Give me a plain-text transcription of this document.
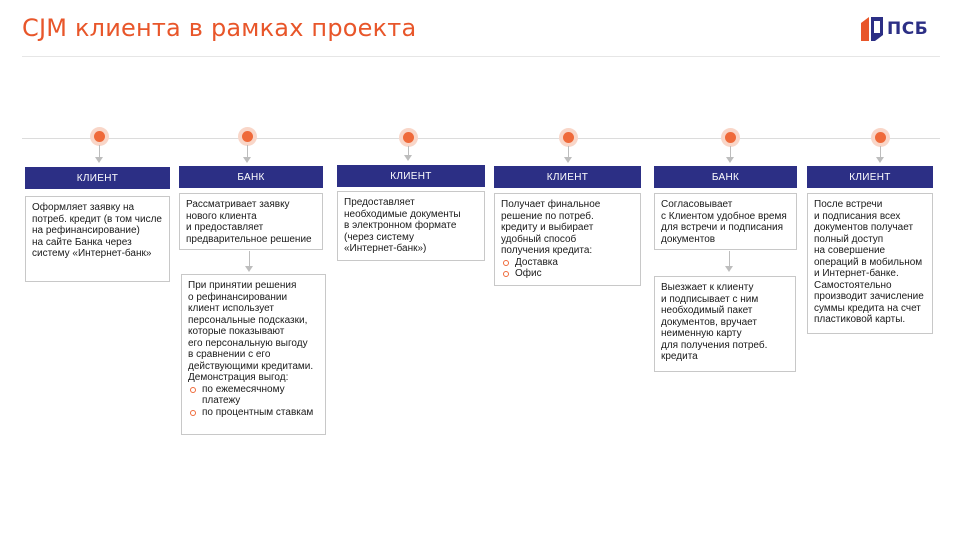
CJM клиента в рамках проекта	ПСБ
КЛИЕНТ
Оформляет заявку на
потреб. кредит (в том числе
на рефинансирование)
на сайте Банка через
систему «Интернет-банк»
БАНК
Рассматривает заявку
нового клиента
и предоставляет
предварительное решение
При принятии решения
о рефинансировании
клиент использует
персональные подсказки,
которые показывают
его персональную выгоду
в сравнении с его
действующими кредитами.
Демонстрация выгод:
по ежемесячному
платежу
по процентным ставкам
КЛИЕНТ
Предоставляет
необходимые документы
в электронном формате
(через систему
«Интернет-банк»)
КЛИЕНТ
Получает финальное
решение по потреб.
кредиту и выбирает
удобный способ
получения кредита:
Доставка
Офис
БАНК
Согласовывает
с Клиентом удобное время
для встречи и подписания
документов
Выезжает к клиенту
и подписывает с ним
необходимый пакет
документов, вручает
неименную карту
для получения потреб.
кредита
КЛИЕНТ
После встречи
и подписания всех
документов получает
полный доступ
на совершение
операций в мобильном
и Интернет-банке.
Самостоятельно
производит зачисление
суммы кредита на счет
пластиковой карты.
